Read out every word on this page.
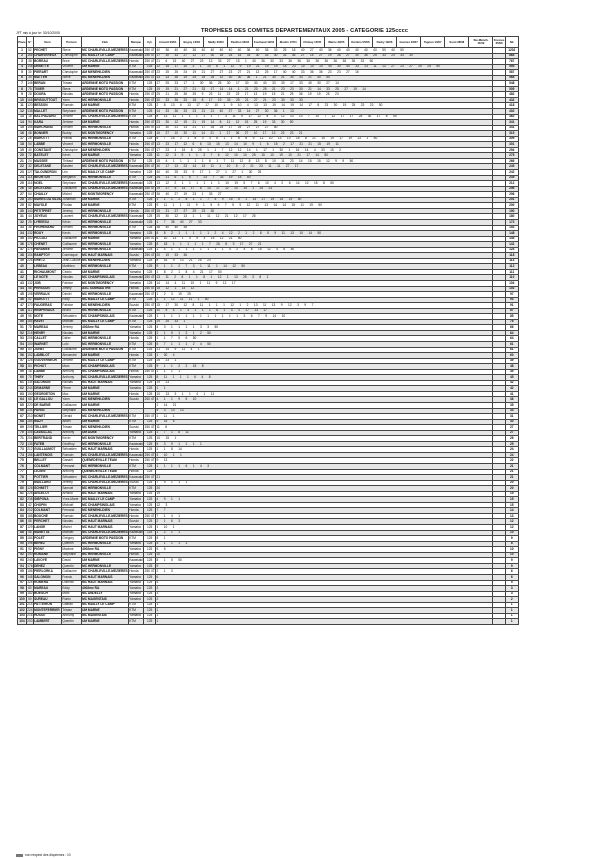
TROPHEES DES COMITES DEPARTEMENTAUX 2005 - CATEGORIE 125cccc
JFT mis à jour le: 30/10/2005
Place	N°	Nom	Prénom	Club	Marque	Cyl.	Arnoult 30/01	Bogny 13/02	Mailly 20/03	Pavillon 03/04	Foulnaud 10/04	Moulin 17/04	Chimay 15/05	Warne 22/05	Domino 05/06	Derby 19/06	Gouries 03/07	Tagnon 10/07	Sorel 28/08	Ste-Ménéh. 11/09	Fresnes 25/09	Nb
1	52	PECHET	Steve	MC CHARLEVILLE-MEZIERES	Kawasaki	250 4T	40 36 40 40 36 40 40 40 40 40 36 40 36 33 25 18 40 27 40 36 40 40 40 40 40 50 40 50															1202
2	166	CHARVEREUX	Christophe	MC MAILLY LE CAMP	Kawasaki	250 4T	17 30 33 27 12 27 30 18 25 15 33 30 33 40 33 36 27 15 27 19 36 27 30 36 25 33 23 33 30															864
3	38	BOREAU	Brice	MC CHARLEVILLE-MEZIERES	Honda	250 4T	21 6 15 40 27 23 13 33 27 15 1 40 36 30 33 36 36 36 36 36 36 38 36 33 50															767
4	148	DEBETTE	Vincent	UM MARNE	KTM	125	12 15 17 10 3 1 10 6 1 12 9 19 21 19 19 14 23 10 10 14 40 30 40 33 23 11 13 27 23 27 25 25 50															593
5	30	PIERART	Christophe	AM MENEHILDIEN	Kawasaki	250 4T	23 25 25 24 19 21 27 27 23 27 21 13 25 17 40 40 33 36 36 23 23 27 16															587
6	34	MATTER	Steve	MC MENEHILDIEN	Kawasaki	250 4T	33 33 36 19 25 15 25 12 30 30 36 1 21 30 21 30 33 21 40 50															568
7	145	BERAN	Tristan	ARDENNE MOTO PASSION	KTM	125	27 25 23 17 1 30 36 25 30 17 30 30 40 33 30 17 33 40 30 27 14															548
8	75	TIXIER	Steve	ARDENNE MOTO PASSION	KTM	125	19 19 21 27 21 33 17 14 14 1 21 23 25 21 23 23 30 21 14 33 25 27 19 14															505
9	28	DOURA	Nicolas	ARDENNE MOTO PASSION	Honda	250 4T	25 21 25 36 25 9 23 11 23 23 17 13 19 15 21 25 36 19 19 25 23															482
10	168	BRISOUTTOUT	Yann	MC HERMONVILLE	Honda	250 4T	30 33 36 33 18 8 17 19 33 25 21 27 21 23 30 33 33															432
11	120	BESSON	Romain	UM MARNE	KTM	125	2 8 13 6 13 17 17 10 1 9 10 4 13 13 19 14 19 14 17 8 23 30 19 25 23 23 50															418
12	138	MALLET	Stéphane	ARDENNE MOTO PASSION	KTM	125	14 33 36 33 23 21 21 40 27 33 14 27 30 36 1 13															402
13	16	BALTHAZARD	Jérôme	MC CHARLEVILLE-MEZIERES	KTM	125	8 13 11 1 1 1 1 1 7 3 11 5 17 12 8 3 12 10 13 7 10 7 12 17 17 25 30 17 6 50															362
14	94	KARA	Jérôme	UM MARNE	Honda	250 4T	23 30 12 19 21 19 14 8 11 12 15 25 19 33 30 50															341
15	155	MARCHAND	Emilien	MC HERMONVILLE	Honda	250 4T	23 30 21 13 21 17 25 25 17 25 27 27 27 50															341
16	48	BONNER	Buddy	MC MONTMORENCY	Yamaha	125	16 27 10 30 11 14 21 1 17 36 27 10 17 13 23 23 21															315
17	26	MAROTTI	Franck	MC HERMONVILLE	KTM	125	5 7 15 2 1 8 3 3 6 1 1 6 8 9 12 10 13 10 15 8 21 15 19 17 19 13 1 50															309
18	54	LABBE	Vincent	MC HERMONVILLE	Honda	250 4T	13 23 17 12 6 6 13 15 13 14 10 9 1 6 15 2 17 21 21 15 19 11															301
19	40	CONSTANT	Christophe	AM MENEHILDIEN	Honda	250 4T	17 23 1 15 8 25 1 1 7 12 12 14 1 17 1 30 1 16 14 4 33 15 2															294
20	72	BATELET	Kévin	UM MARNE	Yamaha	125	11 12 3 9 1 1 3 7 6 12 10 10 25 15 10 19 10 21 17 14 50															275
21	24	MASSEE	Thibaut	ARDENNE MOTO PASSION	KTM	125	15 4 1 1 1 1 1 6 1 7 11 12 8 13 8 10 11 23 14 15 15 12 9 9 50															266
22	32	DELETANE	Bastien	MC CHARLEVILLE-MEZIERES	Kawasaki	250 4T	30 17 13 23 14 13 11 1 10 5 2 21 23 11 11 27 17															249
23	127	TALOUNDRON	Léo	MC MAILLY LE CAMP	Yamaha	125	40 40 25 33 9 17 1 27 1 27 1 30 25															242
24	114	BEURTON	Benjamin	MC HERMONVILLE	KTM	125	25 21 6 1 6 7 23 7 33 19 15 50															235
25	116	NOEL	Stéphane	MC CHARLEVILLE-MEZIERES	Kawasaki	125	13 12 2 1 1 1 1 1 1 10 19 5 7 6 10 4 2 6 14 12 15 8 50															212
26	46	DELETANG	Guillaume	MC CHARLEVILLE-MEZIERES	Kawasaki	250 4T	19 27 5 14 17 8 14 17 12 10 14 1 25 23															206
27	64	CHAILLY	Michel	MC MONTMORENCY	Kawasaki	250 4T	36 40 27 19 23 1 33 27															206
28	160	MARES DA SILVA	Jonathan	UM MARNE	KTM	125	1 1 1 2 8 1 1 7 5 9 15 5 1 14 27 19 15 19 50															201
29	82	MAYSLE	Florian	UM MARNE	KTM	125	9 11 1 1 11 9 1 5 5 7 5 9 12 11 13 14 14 15 11 19 50															200
30	140	PETITPRET	Jérémy	MC HERMONVILLE	Honda	250 4T	15 21 27 27 29 23 30															190
31	44	JOYEUX	Laurent	MC CHARLEVILLE-MEZIERES	Kawasaki	125	25 30 12 13 1 1 11 12 21 12 17 25															180
32	25	LYREESU	Kévin	MC HERMONVILLE	Kawasaki	125	1 7 36 40 27 33															173
33	36	FEGHENARD	Emilien	MC HERMONVILLE	KTM	125	36 40 40 36															152
34	132	ROUY	Kevin	MC HERMONVILLE	Yamaha	125	8 8 2 1 1 1 1 1 2 4 12 2 1 2 8 5 9 11 13 10 14 50															148
35	152	PICCOLI	Guillaume	UM MARNE	Yamaha	250 4T	6 10 13 1 4 9 4 15 12 21 50															145
36	178	CHENET	Guillaume	MC HERMONVILLE	Yamaha	125	8 18 1 1 1 1 1 7 26 8 3 17 27 21															141
37	174	PARAMEE	Jérôme	MC HERMONVILLE	Kawasaki	125	1 4 1 1 1 1 1 1 1 1 4 2 4 6 15 12 4 6 50															124
38	104	RAMPTOY	Dominique	MC HAUT MARNAIS	Suzuki	250 4T	20 19 33 36															118
39	226	GRETZ	Jean-Claude	MC MENEHILDIEN	Yamaha	125	8 16 9 13 21 25 23															114
40		LEBEAU	Matthieu	MC HERMONVILLE	KTM	125	9 1 1 2 7 3 1 11 1 14 12 50															112
41		RICHAUMONT	Cédric	UM MARNE	Yamaha	125	1 8 2 1 8 4 21 17 50															111
42		LE NOTE	Nicolas	MC CHAMPSINOLAIS	Kawasaki	250 4T	13 11 2 8 1 1 8 1 12 1 13 25 3 8 1															110
43	132	JOB	Fabrice	MC MONTMORENCY	Yamaha	125	14 14 4 11 10 1 11 9 12 17															104
44	58	PERSSON	Jimmy	ASC SOMMAUTHE	Honda	250 4T	15 12 1 14 12															102
45	108	VERRAUX	Dimitri	MC HERMONVILLE	Kawasaki	250 4T	1 2 3 19 25															97
46	52	MAROTTI	Eddy	MC MAILLY LE CAMP	KTM	125	1 1 12 11 11 1 50															93
47	170	FAUGERAS	Fabrice	MC MENEHILDIEN	Suzuki	250 4T	15 17 30 12 8 11 1 1 1 12 1 2 13 11 13 9 12 3 9 7															91
48	112	REMPENAUX	Bruno	MC HERMONVILLE	KTM	125	10 5 4 1 3 1 1 1 6 1 3 3 17 13 17															87
49	96	NOTE	Sébastien	MC CHAMPSINOLAIS	Kawasaki	125	1 1 1 1 1 1 1 1 1 1 1 1 3 6 7 9 14 10															85
50	164	HAVET	Michaël	MC MAILLY LE CAMP	KTM	125	19 25 33 1															78
51	78	MAREAU	Jérémy	4002me RA	Yamaha	125	4 3 1 1 1 1 3 3 50															66
52	218	HENRY	Nicolas	UM MARNE	Yamaha	125	2 1 5 1 2 1 2 50															64
53	206	CALLET	Didier	MC HERMONVILLE	Honda	125	1 1 7 5 6 50															64
54	100	WARNET	Loïc	MC HERMONVILLE	KTM	125	5 7 1 1 1 2 4 50															61
55	60	JONET	Guillaume	ARDENNE MOTO PASSION	KTM	125	21 14 9 11 4 1															61
56	102	LAMBLOT	Alexandre	UM MARNE	Honda	125	1 30 4															60
57	128	GOUVERNEUR	Jérôme	MC MAILLY LE CAMP	KTM	125	25 23 1															49
58	84	PICHOT	Marc	MC CHAMPSINOLAIS	KTM	125	9 1 1 2 2 15 8															48
59	18	LABBE	Anthony	MC CHAMPSINOLAIS	Honda	250 4T	1 1 1 1															45
60	70	THIRY	Anthony	MC CHARLEVILLE-MEZIERES	Yamaha	125	8 11 1 1 1 6 4 8															45
61	134	SALOMON	Nicolas	MC HAUT MARNAIS	Yamaha	125	19 23															42
62	244	DEMARNE	Pierre	UM MARNE	Yamaha	125	1 1															42
63	150	GEORGETON	Max	UM MARNE	Honda	125	10 13 3 1 1 4 1 11															41
64	68	LE GALLOU	Yann	MC MENEHILDIEN	Suzuki	250 4T	4 1 1 9 5 10															36
65	220	DE BAENE	Guillaume	UM MARNE			1 14 21															35
66	234	PARISI	Stéphane	MC MENEHILDIEN			5 3 13 13															33
67	210	NONET	Gérald	MC CHARLEVILLE-MEZIERES	KTM	250 4T	1 11 1															31
68	154	MAZY	Abdel	UM MARNE	KTM	125	9 15 6															30
69	208	TELLIER	Tristan	MC MENEHILDIEN	Suzuki	250 4T	11 8															27
70	106	CAVAILLAC	Anthony	UM AUBE	Yamaha	125	1 7 1 8 11															27
71	204	BERTRAND	Kevin	MC MONTMORENCY	KTM	125	10 15 1															26
72	136	FATEB	Geoffroy	MC HERMONVILLE	Kawasaki	125	5 3 9 1 1 1 1															25
73	212	GUILLAUMOT	Sébastien	MC HAUT MARNAIS	Honda	125	1 1 8 14															24
74	156	LANTENOIS	Romain	MC CHARLEVILLE-MEZIERES	Kawasaki	250 4T	4 10 1 1															24
75		BELLET	Ganaël	QUENEDEVILLE TEAM	Honda	250 4T	9 13															22
76		COLMANT	Fernand	MC HERMONVILLE	KTM	125	1 1 1 1 6 1 4 3															21
77		LEZIEN	Anthony	QUENEDEVILLE TEAM	Honda	125																21
78		POTTIER	Sébastien	MC CHARLEVILLE-MEZIERES	Kawasaki	250 4T	21															21
79		MAILLARD	Jérémy	MC CHARLEVILLE-MEZIERES	Suzuki	125	7 9 1 1 1															20
80	126	SCHMITT	Samuel	MC HERMONVILLE	KTM	125	20															20
81	228	ANCELOT	Arnaud	MC HAUT MARNAIS	Yamaha	125	19															19
82	238	SIBPONA	Yves-Marie	MC MAILLY LE CAMP	Yamaha	125	4 9 1 1															15
83	42	CHOPIN	Michaël	MC CHAMPSINOLAIS	Yamaha	125	12 3															15
84	202	COLMANT	Fernand	MC MENEHILDIEN	Honda	125	7 7															14
85	188	BOUCHE	Romain	MC CHARLEVILLE-MEZIERES	Honda	250 4T	7 1 4 1															13
86	88	PERCHET	Nicolas	MC HAUT MARNAIS	Suzuki	125	2 1 6 3															12
87	129	LANGE	Michel	MC HAUT MARNAIS	Yamaha	125	1 10 1															12
88	56	MANETTA	Michaël	MC CHARLEVILLE-MEZIERES	Kawasaki	125	1 2 1 1															10
89	184	POLET	Grégory	ARDENNE MOTO PASSION	KTM	125	8 1															9
90	196	BEHEZ	Quentin	MC HERMONVILLE	Yamaha	125	4 1 1 1 1															8
91	92	PIGNY	Maxime	4002me RA	Yamaha	125	5 5															10
92	190	ROMANE	Stéphane	MC HERMONVILLE	Honda	125	10															10
93	240	LAVOYE	David	UM MARNE	Kawasaki	125	8 1 5 50															9
94	176	DEHEZ	Quentin	MC HERMONVILLE	Yamaha	125	9															9
95	186	PIERLORKA	Guillaume	MC CHARLEVILLE-MEZIERES	Honda	250 4T	2 1 3															6
96	146	SALOMON	Franck	MC HAUT MARNAIS	Yamaha	125	6															6
97	124	ROMERA	Dominic	MC HAUT MARNAIS	Yamaha	125	5															5
98	80	MAREAU	Eddy	4002me RA	Yamaha	125	3															3
99	182	BOESCH	Marc	MC ANDELLY	Yamaha	125	3															3
100	50	SUREAU	Robin	MC MAGENTAIS	Yamaha	125	2															2
101	214	PATTEIRON	Gaëtan	MC MAILLY LE CAMP	KTM	125	1															1
102	224	MONTEFERRIER	Tristan	UM MARNE	KTM	125	1															1
103	216	HUSSIT	Anthony	MC MAGENTAIS	Yamaha	125	1															1
104	200	LAMBERT	Quentin	UM MARNE	KTM	125	1															1
non respect des dispenses : 10
